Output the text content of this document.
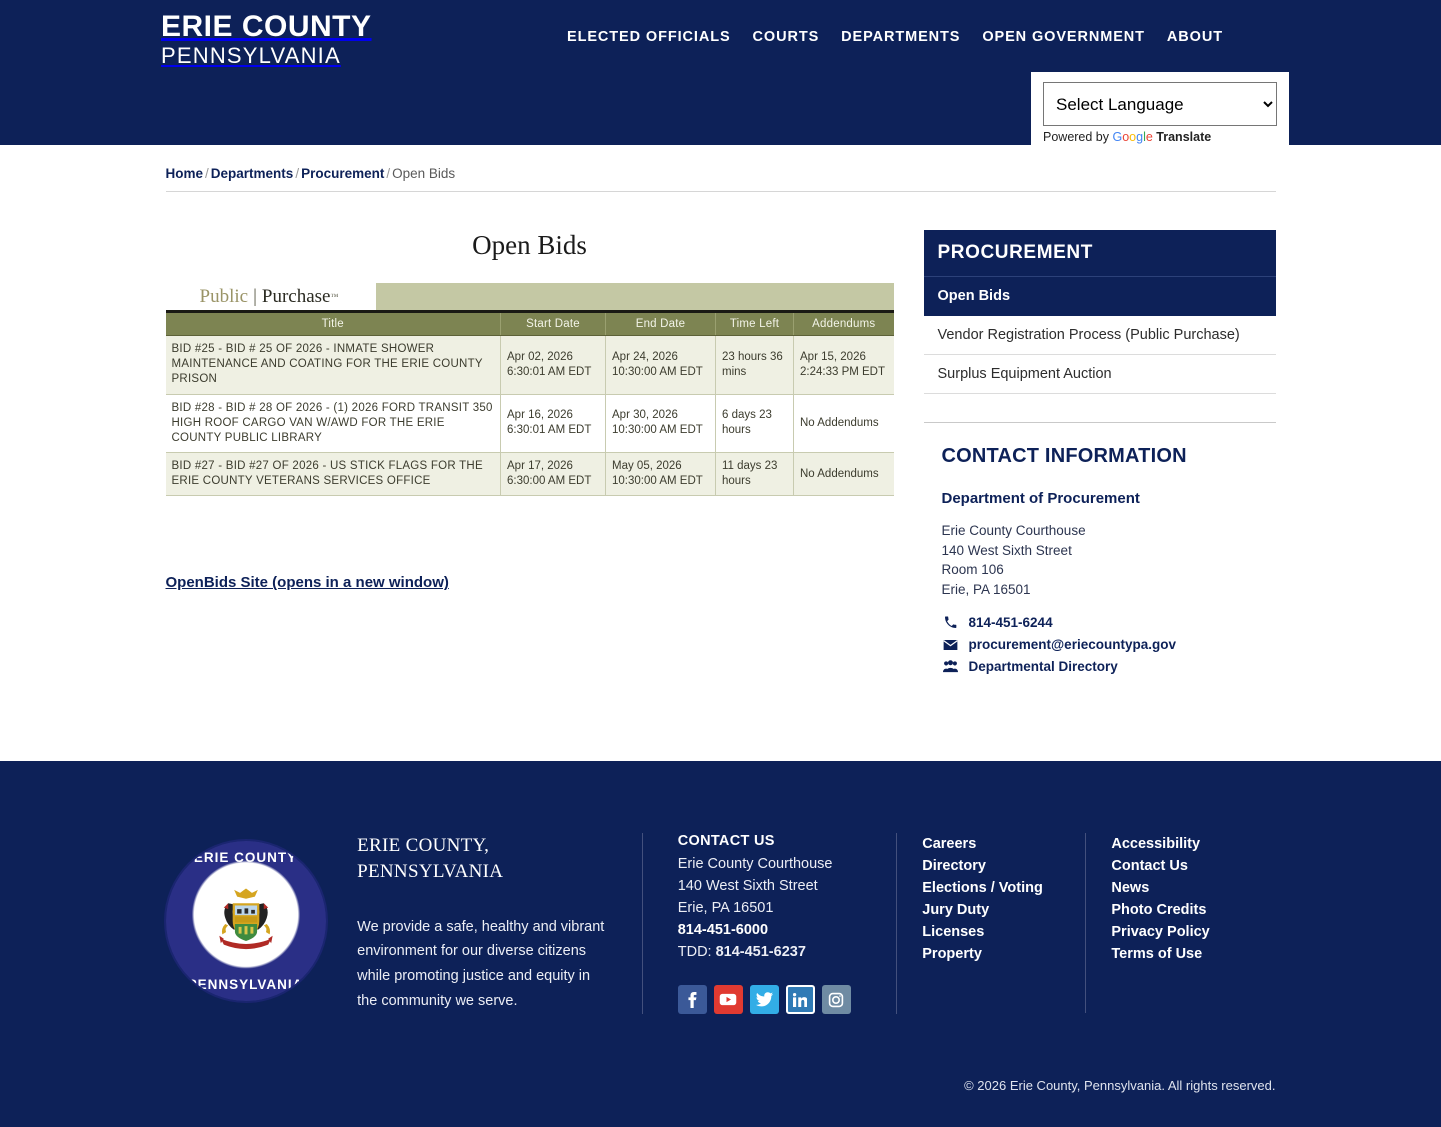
ERIE COUNTY
PENNSYLVANIA
ELECTED OFFICIALS	COURTS	DEPARTMENTS	OPEN GOVERNMENT	ABOUT
Select Language
Powered by Google Translate
Home / Departments / Procurement / Open Bids
Open Bids
Public | Purchase ™
Title	Start Date	End Date	Time Left	Addendums
BID #25 - BID # 25 OF 2026 - INMATE SHOWER MAINTENANCE AND COATING FOR THE ERIE COUNTY PRISON	Apr 02, 2026 6:30:01 AM EDT	Apr 24, 2026 10:30:00 AM EDT	23 hours 36 mins	Apr 15, 2026 2:24:33 PM EDT
BID #28 - BID # 28 OF 2026 - (1) 2026 FORD TRANSIT 350 HIGH ROOF CARGO VAN W/AWD FOR THE ERIE COUNTY PUBLIC LIBRARY	Apr 16, 2026 6:30:01 AM EDT	Apr 30, 2026 10:30:00 AM EDT	6 days 23 hours	No Addendums
BID #27 - BID #27 OF 2026 - US STICK FLAGS FOR THE ERIE COUNTY VETERANS SERVICES OFFICE	Apr 17, 2026 6:30:00 AM EDT	May 05, 2026 10:30:00 AM EDT	11 days 23 hours	No Addendums
OpenBids Site (opens in a new window)
PROCUREMENT
Open Bids
Vendor Registration Process (Public Purchase)
Surplus Equipment Auction
CONTACT INFORMATION
Department of Procurement
Erie County Courthouse
140 West Sixth Street
Room 106
Erie, PA 16501
814-451-6244
procurement@eriecountypa.gov
Departmental Directory
ERIE COUNTY
PENNSYLVANIA
ERIE COUNTY,
PENNSYLVANIA
We provide a safe, healthy and vibrant environment for our diverse citizens while promoting justice and equity in the community we serve.
CONTACT US
Erie County Courthouse
140 West Sixth Street
Erie, PA 16501
814-451-6000
TDD: 814-451-6237
Careers
Directory
Elections / Voting
Jury Duty
Licenses
Property
Accessibility
Contact Us
News
Photo Credits
Privacy Policy
Terms of Use
© 2026 Erie County, Pennsylvania. All rights reserved.
